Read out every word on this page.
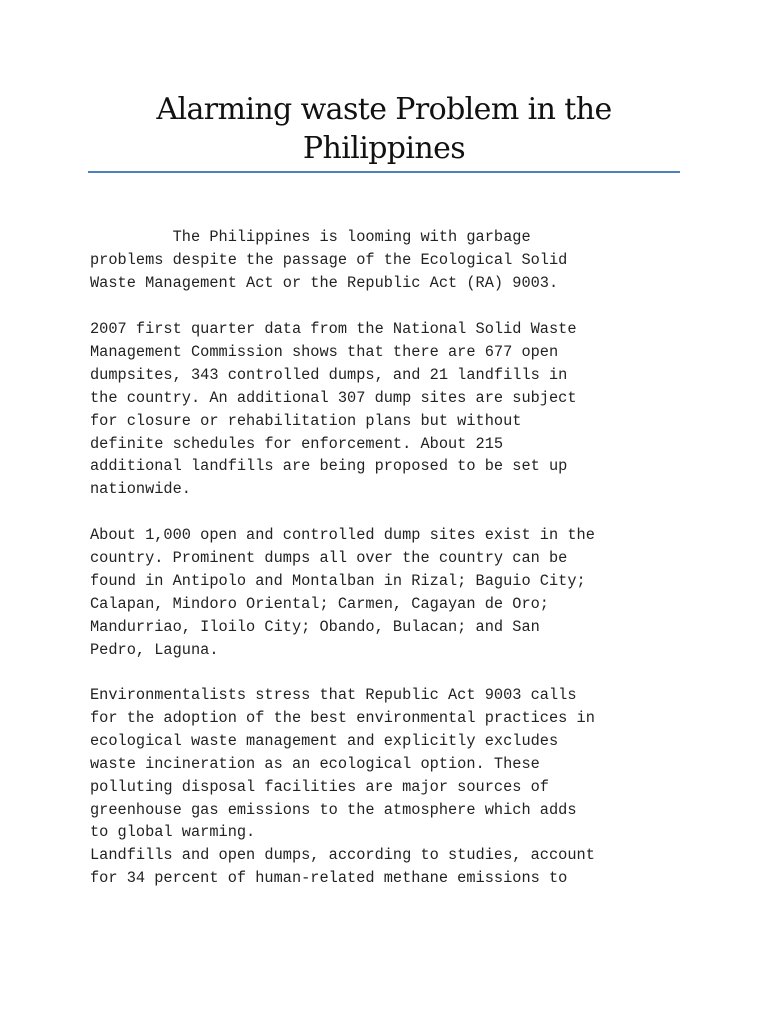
Alarming waste Problem in the
Philippines

The Philippines is looming with garbage
problems despite the passage of the Ecological Solid
Waste Management Act or the Republic Act (RA) 9003.

2007 first quarter data from the National Solid Waste
Management Commission shows that there are 677 open
dumpsites, 343 controlled dumps, and 21 landfills in
the country. An additional 307 dump sites are subject
for closure or rehabilitation plans but without
definite schedules for enforcement. About 215
additional landfills are being proposed to be set up
nationwide.

About 1,000 open and controlled dump sites exist in the
country. Prominent dumps all over the country can be
found in Antipolo and Montalban in Rizal; Baguio City;
Calapan, Mindoro Oriental; Carmen, Cagayan de Oro;
Mandurriao, Iloilo City; Obando, Bulacan; and San
Pedro, Laguna.

Environmentalists stress that Republic Act 9003 calls
for the adoption of the best environmental practices in
ecological waste management and explicitly excludes
waste incineration as an ecological option. These
polluting disposal facilities are major sources of
greenhouse gas emissions to the atmosphere which adds
to global warming.
Landfills and open dumps, according to studies, account
for 34 percent of human-related methane emissions to
